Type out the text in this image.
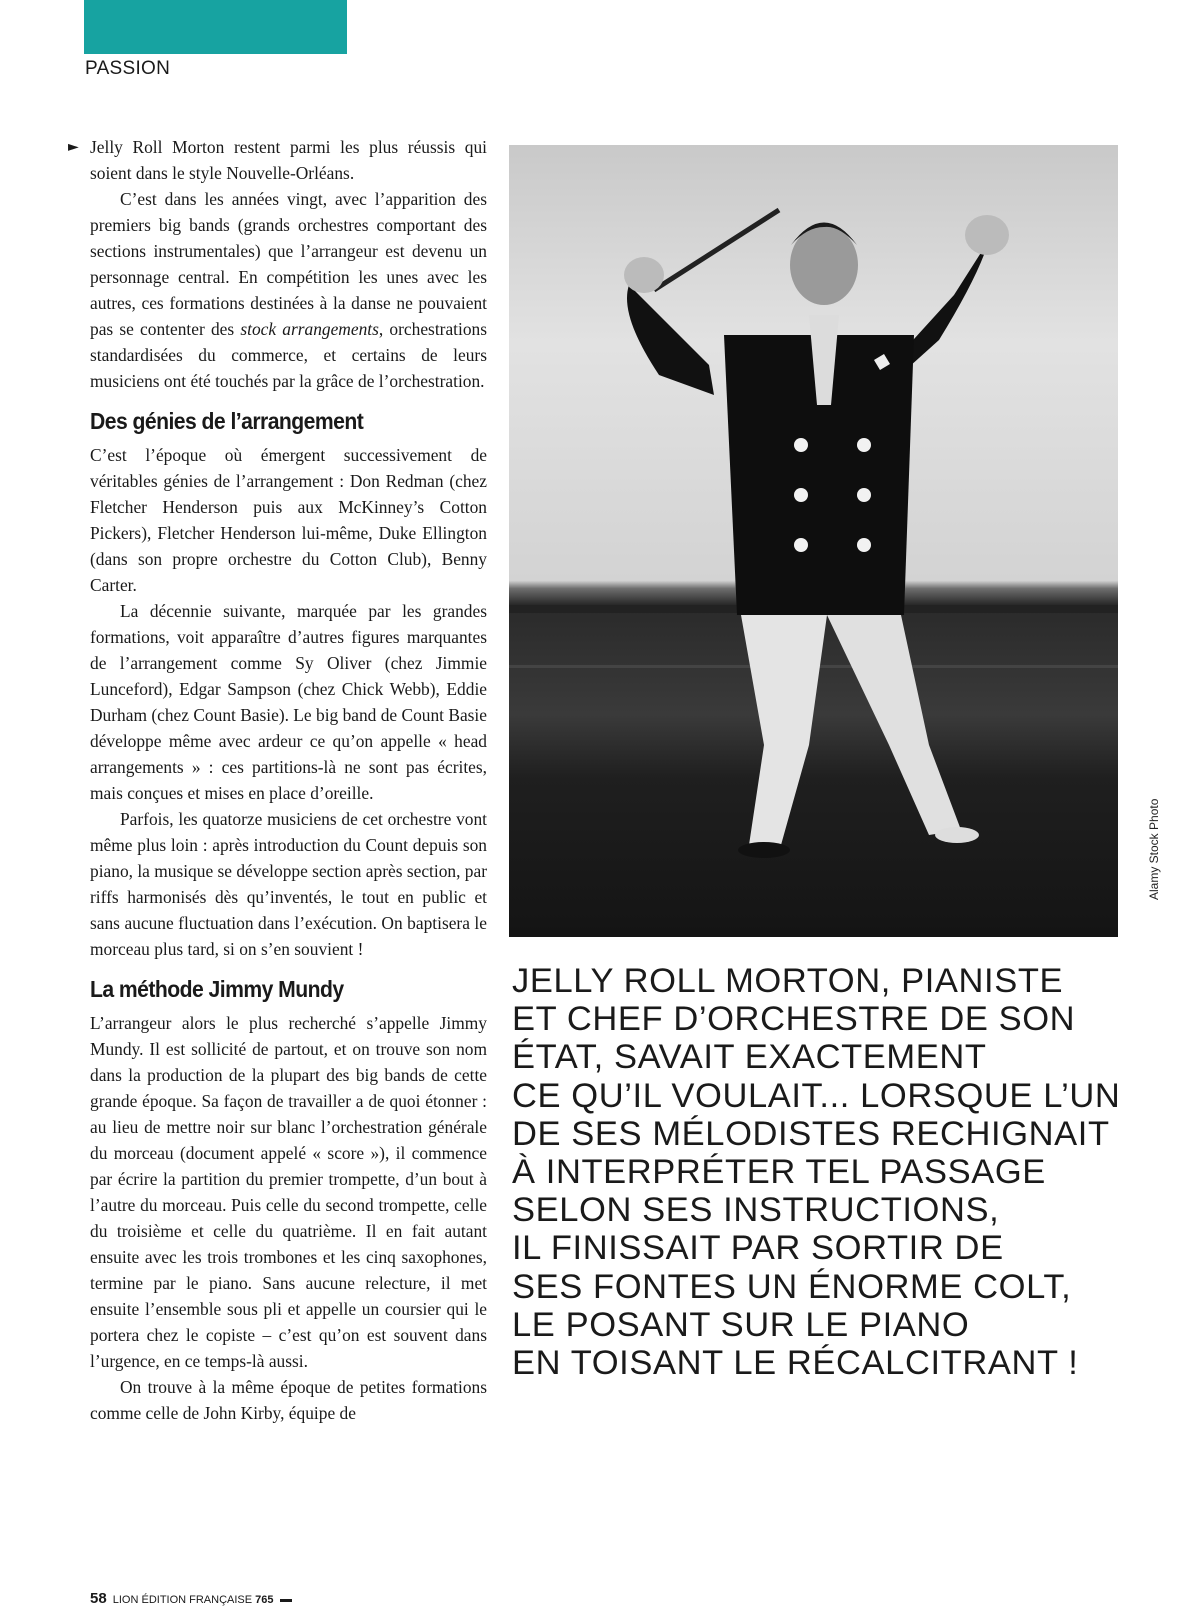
PASSION
► Jelly Roll Morton restent parmi les plus réussis qui soient dans le style Nouvelle-Orléans.

C’est dans les années vingt, avec l’apparition des premiers big bands (grands orchestres comportant des sections instrumentales) que l’arrangeur est devenu un personnage central. En compétition les unes avec les autres, ces formations destinées à la danse ne pouvaient pas se contenter des stock arrangements, orchestrations standardisées du commerce, et certains de leurs musiciens ont été touchés par la grâce de l’orchestration.

Des génies de l’arrangement

C’est l’époque où émergent successivement de véritables génies de l’arrangement : Don Redman (chez Fletcher Henderson puis aux McKinney’s Cotton Pickers), Fletcher Henderson lui-même, Duke Ellington (dans son propre orchestre du Cotton Club), Benny Carter.

La décennie suivante, marquée par les grandes formations, voit apparaître d’autres figures marquantes de l’arrangement comme Sy Oliver (chez Jimmie Lunceford), Edgar Sampson (chez Chick Webb), Eddie Durham (chez Count Basie). Le big band de Count Basie développe même avec ardeur ce qu’on appelle « head arrangements » : ces partitions-là ne sont pas écrites, mais conçues et mises en place d’oreille.

Parfois, les quatorze musiciens de cet orchestre vont même plus loin : après introduction du Count depuis son piano, la musique se développe section après section, par riffs harmonisés dès qu’inventés, le tout en public et sans aucune fluctuation dans l’exécution. On baptisera le morceau plus tard, si on s’en souvient !

La méthode Jimmy Mundy

L’arrangeur alors le plus recherché s’appelle Jimmy Mundy. Il est sollicité de partout, et on trouve son nom dans la production de la plupart des big bands de cette grande époque. Sa façon de travailler a de quoi étonner : au lieu de mettre noir sur blanc l’orchestration générale du morceau (document appelé « score »), il commence par écrire la partition du premier trompette, d’un bout à l’autre du morceau. Puis celle du second trompette, celle du troisième et celle du quatrième. Il en fait autant ensuite avec les trois trombones et les cinq saxophones, termine par le piano. Sans aucune relecture, il met ensuite l’ensemble sous pli et appelle un coursier qui le portera chez le copiste – c’est qu’on est souvent dans l’urgence, en ce temps-là aussi.

On trouve à la même époque de petites formations comme celle de John Kirby, équipe de

Alamy Stock Photo
JELLY ROLL MORTON, PIANISTE
ET CHEF D’ORCHESTRE DE SON
ÉTAT, SAVAIT EXACTEMENT
CE QU’IL VOULAIT... LORSQUE L’UN
DE SES MÉLODISTES RECHIGNAIT
À INTERPRÉTER TEL PASSAGE
SELON SES INSTRUCTIONS,
IL FINISSAIT PAR SORTIR DE
SES FONTES UN ÉNORME COLT,
LE POSANT SUR LE PIANO
EN TOISANT LE RÉCALCITRANT !
58 LION ÉDITION FRANÇAISE 765
